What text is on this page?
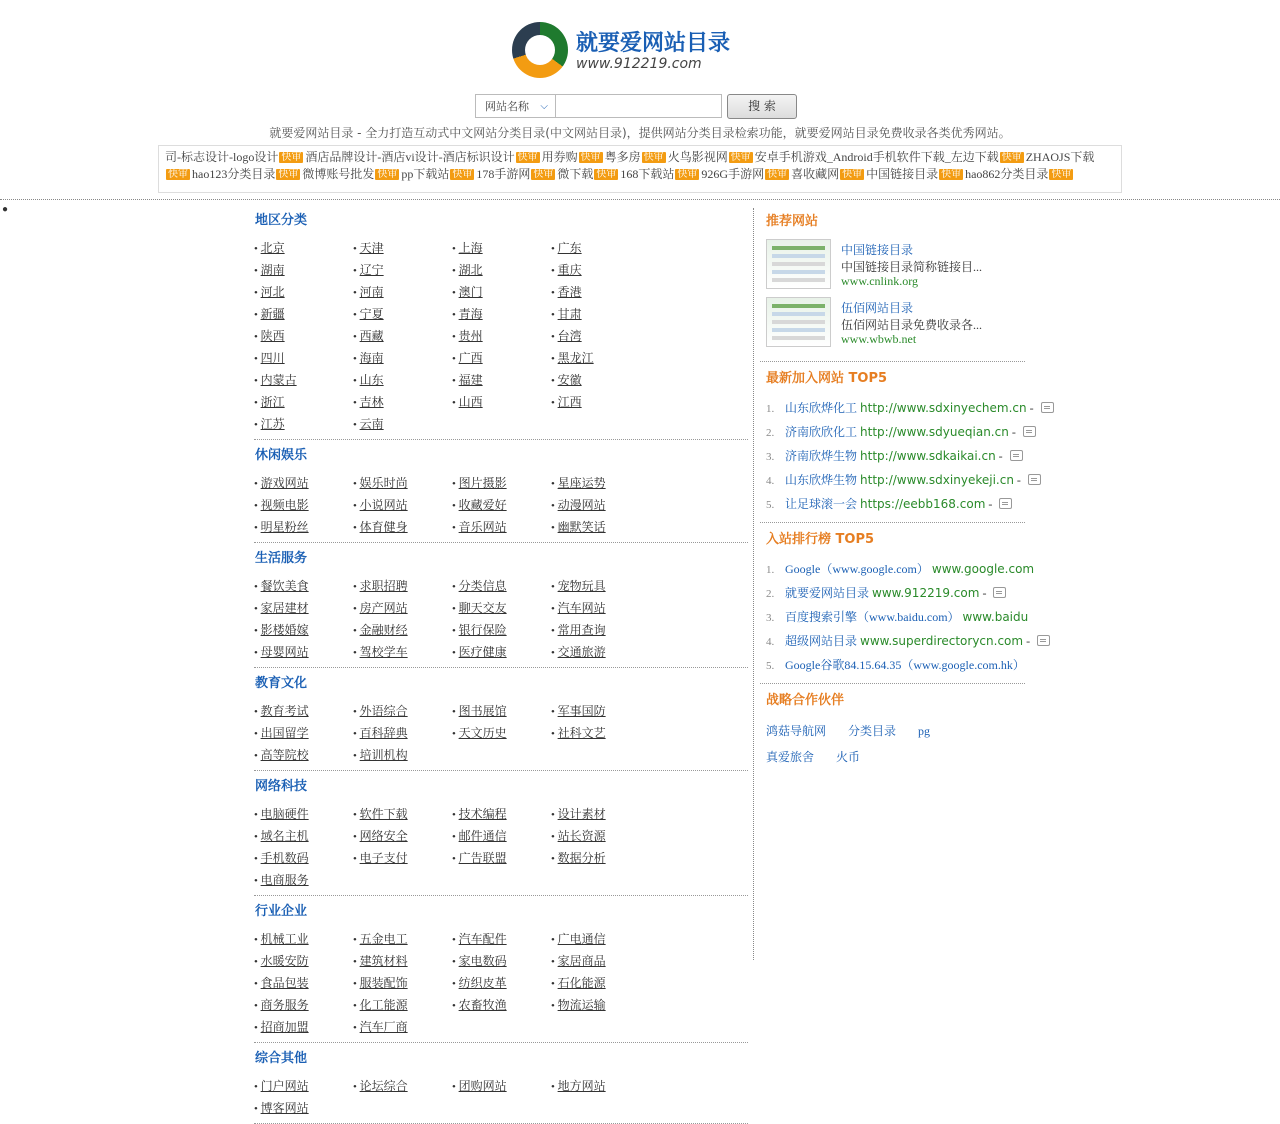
就要爱网站目录
www.912219.com
网站名称 ⌵	搜 索
就要爱网站目录 - 全力打造互动式中文网站分类目录(中文网站目录)，提供网站分类目录检索功能，就要爱网站目录免费收录各类优秀网站。
司-标志设计-logo设计 快审 酒店品牌设计-酒店vi设计-酒店标识设计 快审 用券购 快审 粤多房 快审 火鸟影视网 快审 安卓手机游戏_Android手机软件下载_左边下载 快审 ZHAOJS下载
快审 hao123分类目录 快审 微博账号批发 快审 pp下载站 快审 178手游网 快审 微下载 快审 168下载站 快审 926G手游网 快审 喜收藏网 快审 中国链接目录 快审 hao862分类目录 快审
●
地区分类
• 北京	• 天津	• 上海	• 广东
• 湖南	• 辽宁	• 湖北	• 重庆
• 河北	• 河南	• 澳门	• 香港
• 新疆	• 宁夏	• 青海	• 甘肃
• 陕西	• 西藏	• 贵州	• 台湾
• 四川	• 海南	• 广西	• 黑龙江
• 内蒙古	• 山东	• 福建	• 安徽
• 浙江	• 吉林	• 山西	• 江西
• 江苏	• 云南
休闲娱乐
• 游戏网站	• 娱乐时尚	• 图片摄影	• 星座运势
• 视频电影	• 小说网站	• 收藏爱好	• 动漫网站
• 明星粉丝	• 体育健身	• 音乐网站	• 幽默笑话
生活服务
• 餐饮美食	• 求职招聘	• 分类信息	• 宠物玩具
• 家居建材	• 房产网站	• 聊天交友	• 汽车网站
• 影楼婚嫁	• 金融财经	• 银行保险	• 常用查询
• 母婴网站	• 驾校学车	• 医疗健康	• 交通旅游
教育文化
• 教育考试	• 外语综合	• 图书展馆	• 军事国防
• 出国留学	• 百科辞典	• 天文历史	• 社科文艺
• 高等院校	• 培训机构
网络科技
• 电脑硬件	• 软件下载	• 技术编程	• 设计素材
• 域名主机	• 网络安全	• 邮件通信	• 站长资源
• 手机数码	• 电子支付	• 广告联盟	• 数据分析
• 电商服务
行业企业
• 机械工业	• 五金电工	• 汽车配件	• 广电通信
• 水暖安防	• 建筑材料	• 家电数码	• 家居商品
• 食品包装	• 服装配饰	• 纺织皮革	• 石化能源
• 商务服务	• 化工能源	• 农畜牧渔	• 物流运输
• 招商加盟	• 汽车厂商
综合其他
• 门户网站	• 论坛综合	• 团购网站	• 地方网站
• 博客网站
推荐网站
中国链接目录
中国链接目录简称链接目...
www.cnlink.org
伍佰网站目录
伍佰网站目录免费收录各...
www.wbwb.net
最新加入网站 TOP5
1. 山东欣烨化工 http://www.sdxinyechem.cn -
2. 济南欣欣化工 http://www.sdyueqian.cn -
3. 济南欣烨生物 http://www.sdkaikai.cn -
4. 山东欣烨生物 http://www.sdxinyekeji.cn -
5. 让足球滚一会 https://eebb168.com -
入站排行榜 TOP5
1. Google（www.google.com） www.google.com
2. 就要爱网站目录 www.912219.com -
3. 百度搜索引擎（www.baidu.com） www.baidu
4. 超级网站目录 www.superdirectorycn.com -
5. Google谷歌84.15.64.35（www.google.com.hk）
战略合作伙伴
鸿菇导航网 分类目录 pg
真爱旅舍 火币
